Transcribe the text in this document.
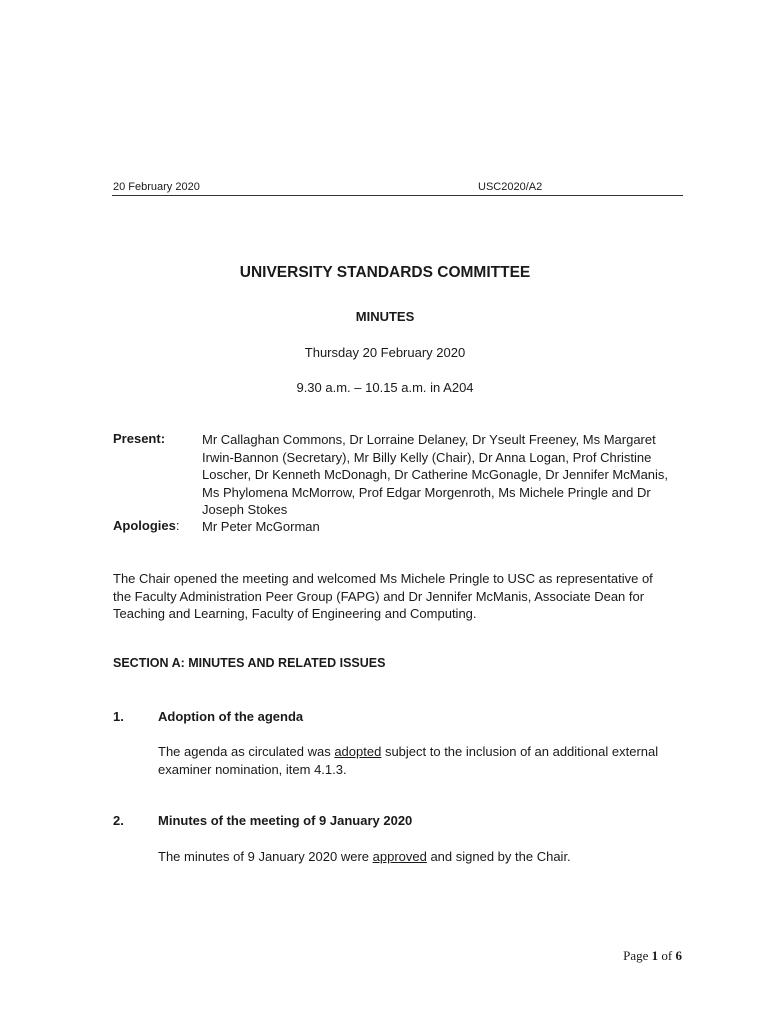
20 February 2020	USC2020/A2
UNIVERSITY STANDARDS COMMITTEE
MINUTES
Thursday 20 February 2020
9.30 a.m. – 10.15 a.m. in A204
Present:	Mr Callaghan Commons, Dr Lorraine Delaney, Dr Yseult Freeney, Ms Margaret Irwin-Bannon (Secretary), Mr Billy Kelly (Chair), Dr Anna Logan, Prof Christine Loscher, Dr Kenneth McDonagh, Dr Catherine McGonagle, Dr Jennifer McManis, Ms Phylomena McMorrow, Prof Edgar Morgenroth, Ms Michele Pringle and Dr Joseph Stokes
Apologies: Mr Peter McGorman
The Chair opened the meeting and welcomed Ms Michele Pringle to USC as representative of the Faculty Administration Peer Group (FAPG) and Dr Jennifer McManis, Associate Dean for Teaching and Learning, Faculty of Engineering and Computing.
SECTION A: MINUTES AND RELATED ISSUES
1.	Adoption of the agenda
The agenda as circulated was adopted subject to the inclusion of an additional external examiner nomination, item 4.1.3.
2.	Minutes of the meeting of 9 January 2020
The minutes of 9 January 2020 were approved and signed by the Chair.
Page 1 of 6
